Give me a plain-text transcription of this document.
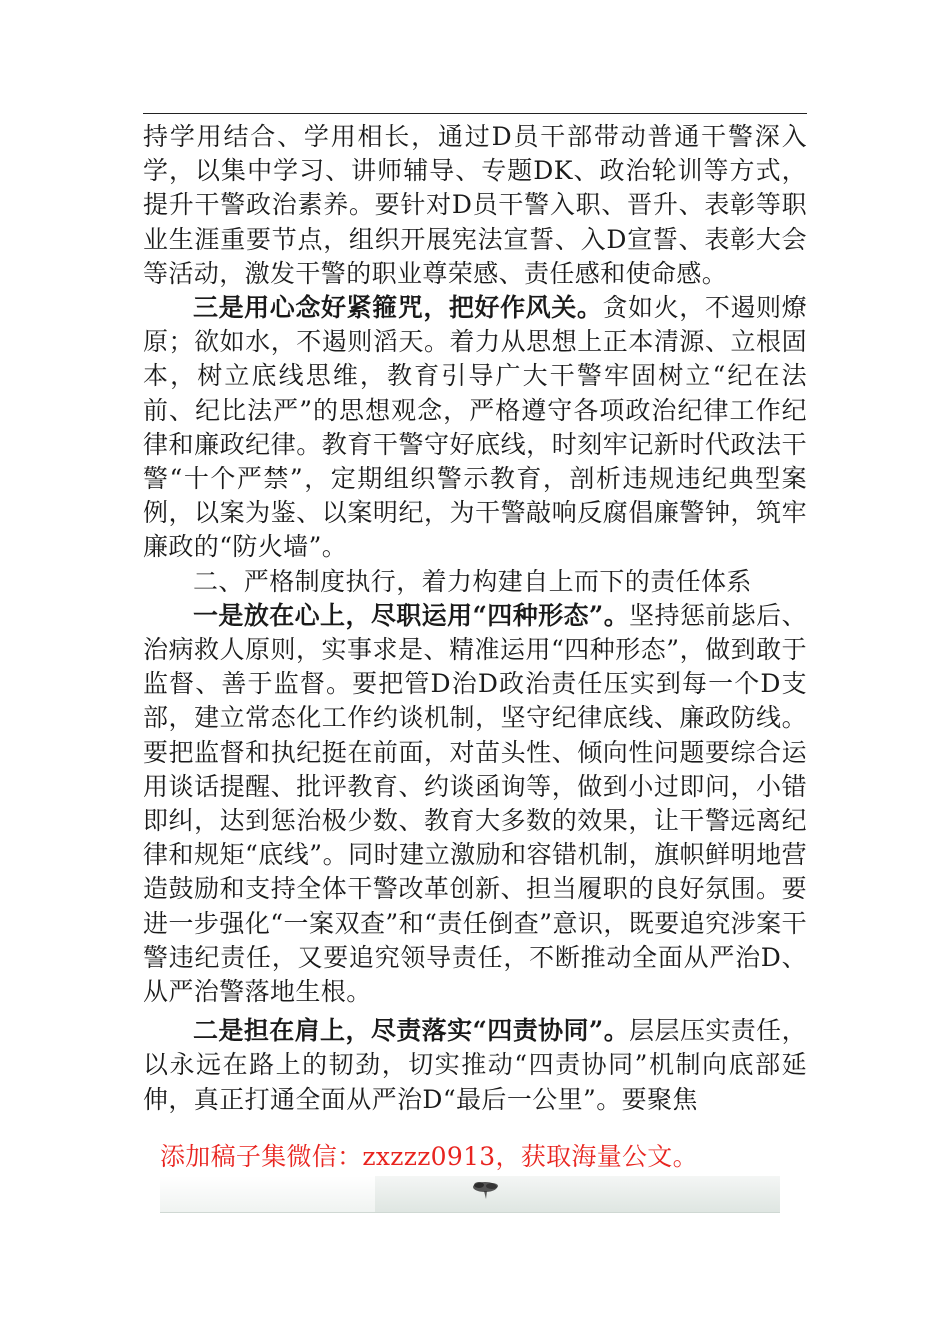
持学用结合、学用相长，通过D员干部带动普通干警深入学，以集中学习、讲师辅导、专题DK、政治轮训等方式，提升干警政治素养。要针对D员干警入职、晋升、表彰等职业生涯重要节点，组织开展宪法宣誓、入D宣誓、表彰大会等活动，激发干警的职业尊荣感、责任感和使命感。

三是用心念好紧箍咒，把好作风关。贪如火，不遏则燎原；欲如水，不遏则滔天。着力从思想上正本清源、立根固本，树立底线思维，教育引导广大干警牢固树立“纪在法前、纪比法严”的思想观念，严格遵守各项政治纪律工作纪律和廉政纪律。教育干警守好底线，时刻牢记新时代政法干警“十个严禁”，定期组织警示教育，剖析违规违纪典型案例，以案为鉴、以案明纪，为干警敲响反腐倡廉警钟，筑牢廉政的“防火墙”。

二、严格制度执行，着力构建自上而下的责任体系

一是放在心上，尽职运用“四种形态”。坚持惩前毖后、治病救人原则，实事求是、精准运用“四种形态”，做到敢于监督、善于监督。要把管D治D政治责任压实到每一个D支部，建立常态化工作约谈机制，坚守纪律底线、廉政防线。要把监督和执纪挺在前面，对苗头性、倾向性问题要综合运用谈话提醒、批评教育、约谈函询等，做到小过即问，小错即纠，达到惩治极少数、教育大多数的效果，让干警远离纪律和规矩“底线”。同时建立激励和容错机制，旗帜鲜明地营造鼓励和支持全体干警改革创新、担当履职的良好氛围。要进一步强化“一案双查”和“责任倒查”意识，既要追究涉案干警违纪责任，又要追究领导责任，不断推动全面从严治D、从严治警落地生根。

二是担在肩上，尽责落实“四责协同”。层层压实责任，以永远在路上的韧劲，切实推动“四责协同”机制向底部延伸，真正打通全面从严治D“最后一公里”。要聚焦

添加稿子集微信：zxzzz0913，获取海量公文。
